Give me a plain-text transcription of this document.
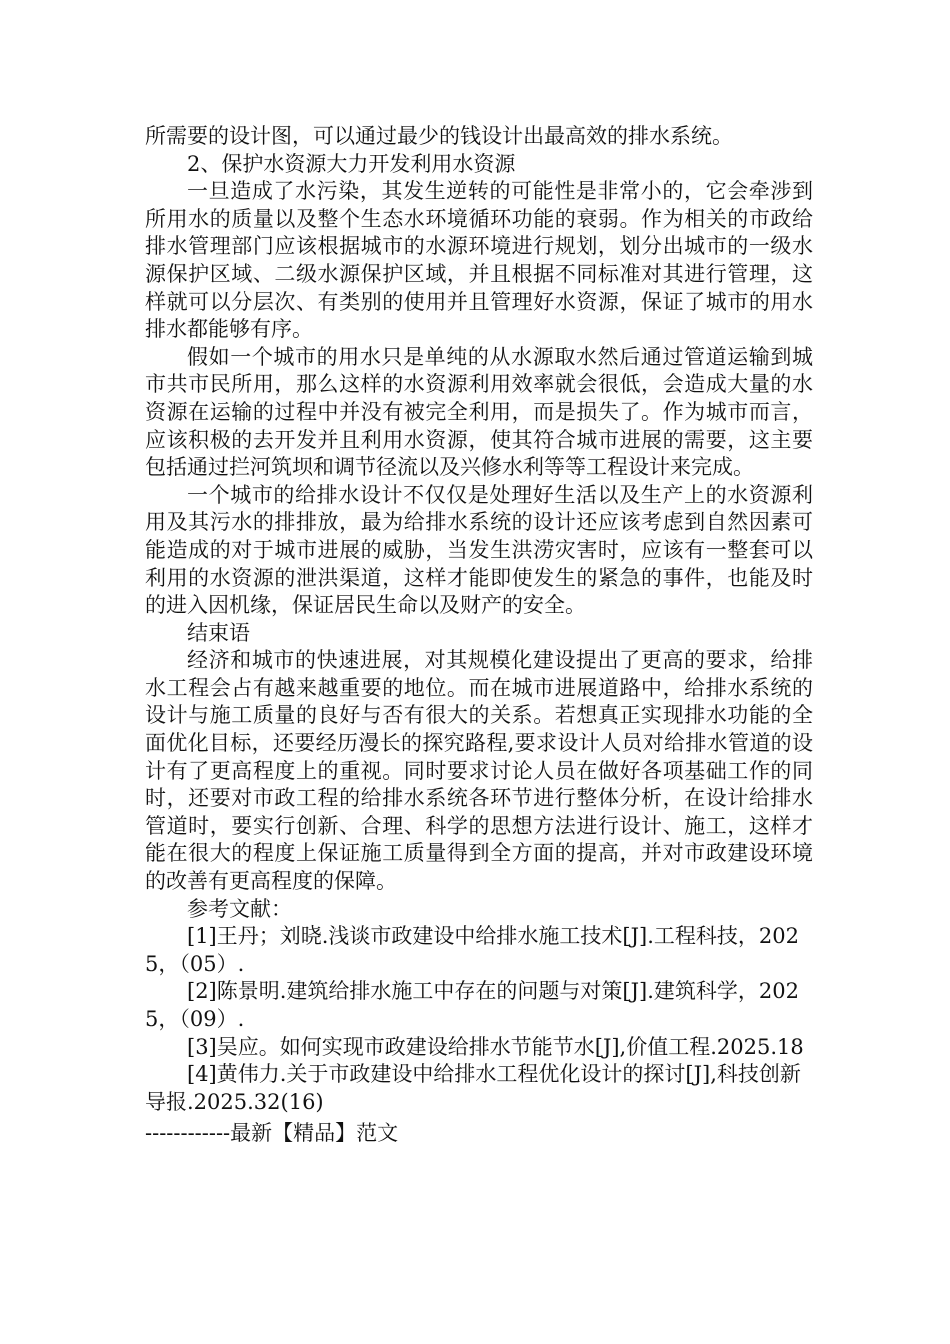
所需要的设计图，可以通过最少的钱设计出最高效的排水系统。

2、保护水资源大力开发利用水资源

一旦造成了水污染，其发生逆转的可能性是非常小的，它会牵涉到所用水的质量以及整个生态水环境循环功能的衰弱。作为相关的市政给排水管理部门应该根据城市的水源环境进行规划，划分出城市的一级水源保护区域、二级水源保护区域，并且根据不同标准对其进行管理，这样就可以分层次、有类别的使用并且管理好水资源，保证了城市的用水排水都能够有序。

假如一个城市的用水只是单纯的从水源取水然后通过管道运输到城市共市民所用，那么这样的水资源利用效率就会很低，会造成大量的水资源在运输的过程中并没有被完全利用，而是损失了。作为城市而言，应该积极的去开发并且利用水资源，使其符合城市进展的需要，这主要包括通过拦河筑坝和调节径流以及兴修水利等等工程设计来完成。

一个城市的给排水设计不仅仅是处理好生活以及生产上的水资源利用及其污水的排排放，最为给排水系统的设计还应该考虑到自然因素可能造成的对于城市进展的威胁，当发生洪涝灾害时，应该有一整套可以利用的水资源的泄洪渠道，这样才能即使发生的紧急的事件，也能及时的进入因机缘，保证居民生命以及财产的安全。

结束语

经济和城市的快速进展，对其规模化建设提出了更高的要求，给排水工程会占有越来越重要的地位。而在城市进展道路中，给排水系统的设计与施工质量的良好与否有很大的关系。若想真正实现排水功能的全面优化目标，还要经历漫长的探究路程,要求设计人员对给排水管道的设计有了更高程度上的重视。同时要求讨论人员在做好各项基础工作的同时，还要对市政工程的给排水系统各环节进行整体分析，在设计给排水管道时，要实行创新、合理、科学的思想方法进行设计、施工，这样才能在很大的程度上保证施工质量得到全方面的提高，并对市政建设环境的改善有更高程度的保障。

参考文献：

[1]王丹；刘晓.浅谈市政建设中给排水施工技术[J].工程科技，2025，（05）.

[2]陈景明.建筑给排水施工中存在的问题与对策[J].建筑科学，2025，（09）.

[3]吴应。如何实现市政建设给排水节能节水[J],价值工程.2025.18

[4]黄伟力.关于市政建设中给排水工程优化设计的探讨[J],科技创新导报.2025.32(16)

------------最新【精品】范文
